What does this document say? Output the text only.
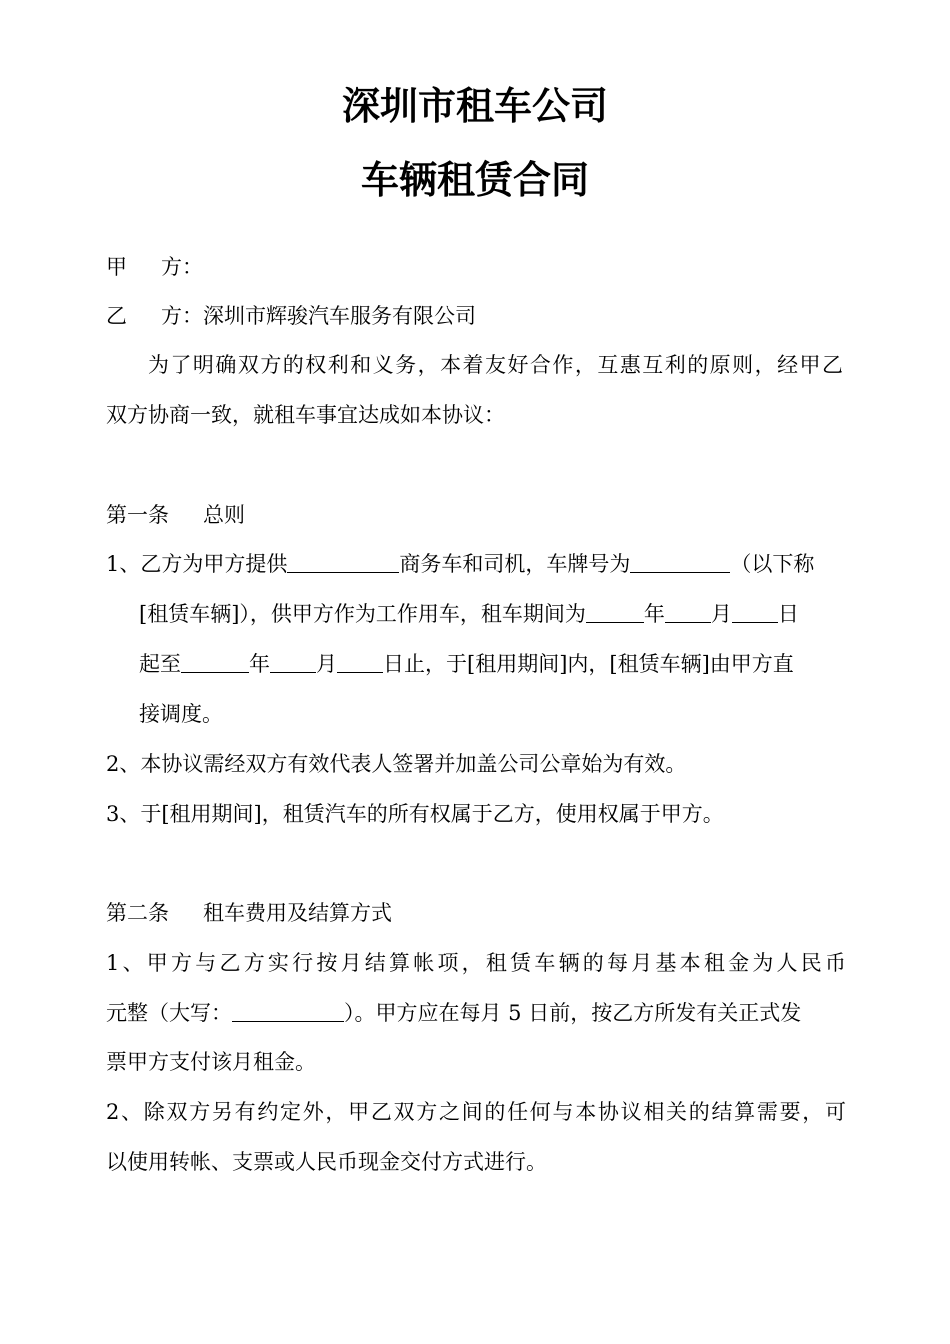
深圳市租车公司
车辆租赁合同

甲 方：

乙 方：深圳市辉骏汽车服务有限公司

为了明确双方的权利和义务，本着友好合作，互惠互利的原则，经甲乙

双方协商一致，就租车事宜达成如本协议：

第一条 总则

1、乙方为甲方提供	商务车和司机，车牌号为	（以下称

[租赁车辆]），供甲方作为工作用车，租车期间为	年 月 日

起至	年 月 日止，于[租用期间]内，[租赁车辆]由甲方直

接调度。

2、本协议需经双方有效代表人签署并加盖公司公章始为有效。

3、于[租用期间]，租赁汽车的所有权属于乙方，使用权属于甲方。

第二条 租车费用及结算方式

1、甲方与乙方实行按月结算帐项，租赁车辆的每月基本租金为人民币

元整（大写：	）。甲方应在每月 5 日前，按乙方所发有关正式发

票甲方支付该月租金。

2、除双方另有约定外，甲乙双方之间的任何与本协议相关的结算需要，可

以使用转帐、支票或人民币现金交付方式进行。
